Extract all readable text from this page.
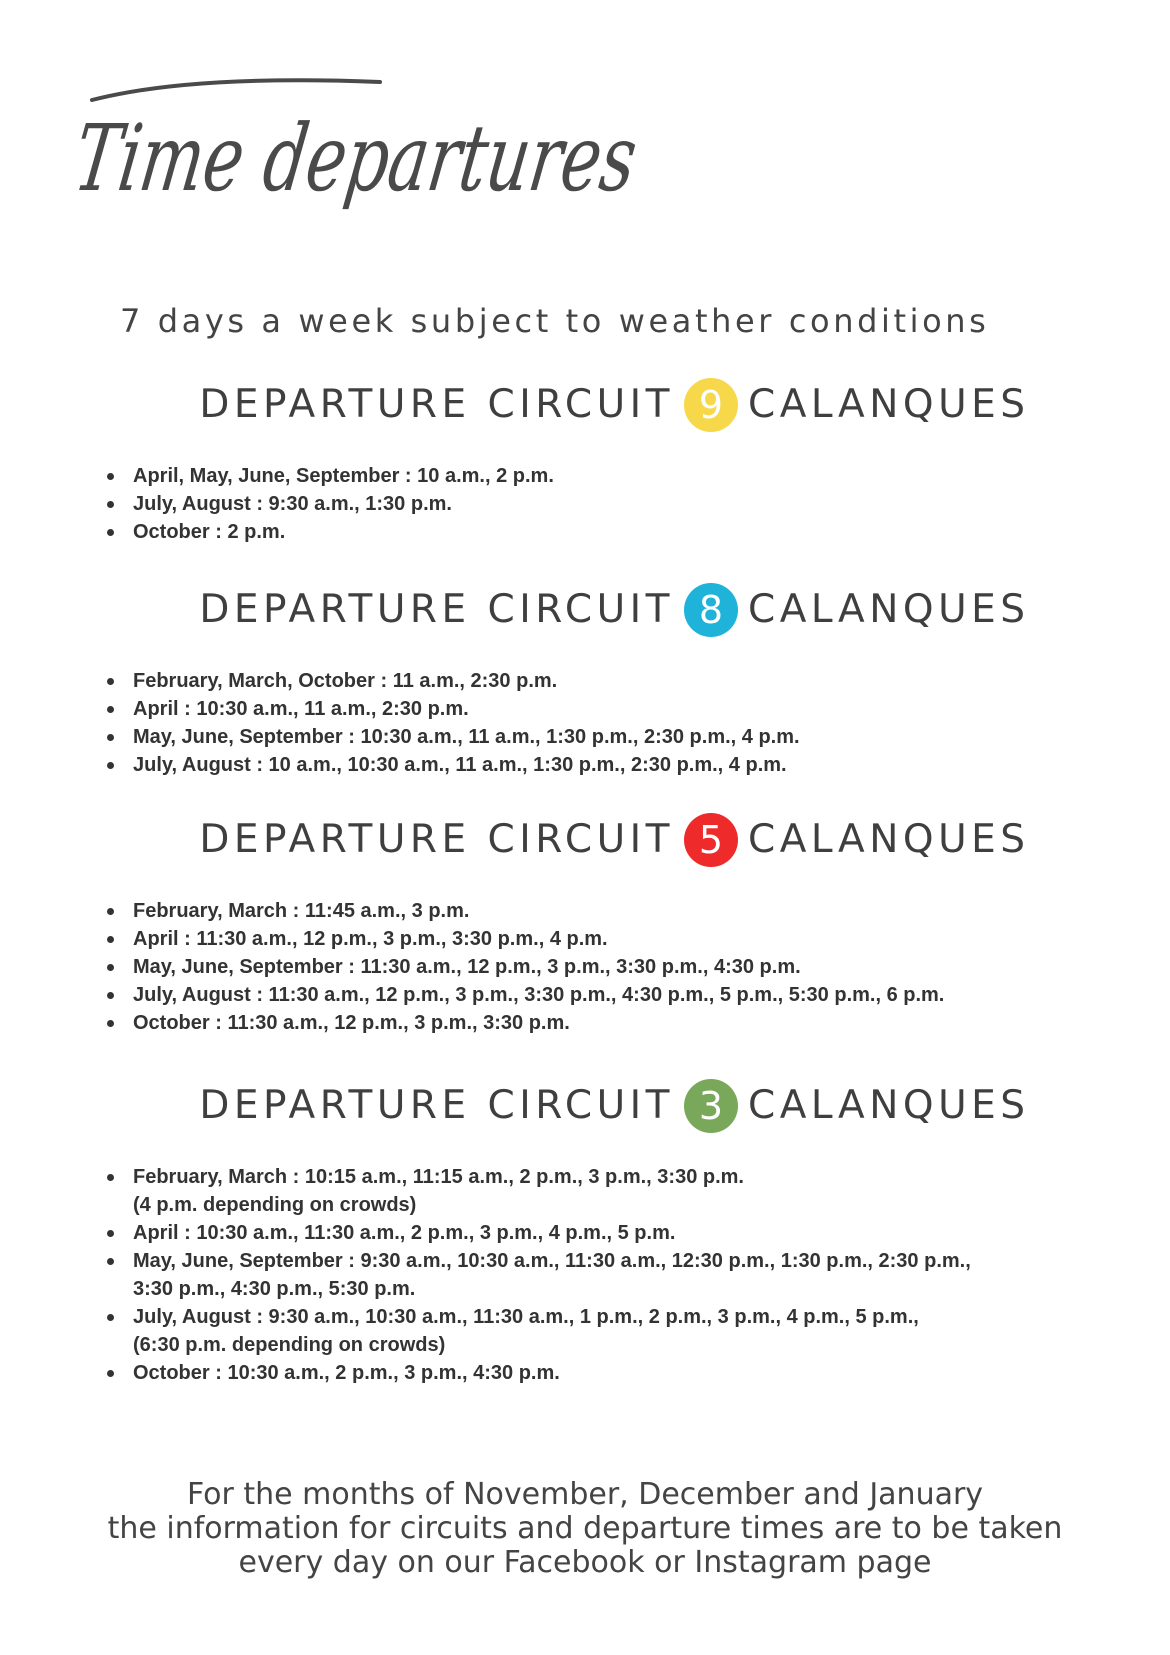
Time departures
7 days a week subject to weather conditions
DEPARTURE CIRCUIT 9 CALANQUES
April, May, June, September : 10 a.m., 2 p.m.
July, August : 9:30 a.m., 1:30 p.m.
October : 2 p.m.
DEPARTURE CIRCUIT 8 CALANQUES
February, March, October : 11 a.m., 2:30 p.m.
April : 10:30 a.m., 11 a.m., 2:30 p.m.
May, June, September : 10:30 a.m., 11 a.m., 1:30 p.m., 2:30 p.m., 4 p.m.
July, August : 10 a.m., 10:30 a.m., 11 a.m., 1:30 p.m., 2:30 p.m., 4 p.m.
DEPARTURE CIRCUIT 5 CALANQUES
February, March : 11:45 a.m., 3 p.m.
April : 11:30 a.m., 12 p.m., 3 p.m., 3:30 p.m., 4 p.m.
May, June, September : 11:30 a.m., 12 p.m., 3 p.m., 3:30 p.m., 4:30 p.m.
July, August : 11:30 a.m., 12 p.m., 3 p.m., 3:30 p.m., 4:30 p.m., 5 p.m., 5:30 p.m., 6 p.m.
October : 11:30 a.m., 12 p.m., 3 p.m., 3:30 p.m.
DEPARTURE CIRCUIT 3 CALANQUES
February, March : 10:15 a.m., 11:15 a.m., 2 p.m., 3 p.m., 3:30 p.m.
(4 p.m. depending on crowds)
April : 10:30 a.m., 11:30 a.m., 2 p.m., 3 p.m., 4 p.m., 5 p.m.
May, June, September : 9:30 a.m., 10:30 a.m., 11:30 a.m., 12:30 p.m., 1:30 p.m., 2:30 p.m.,
3:30 p.m., 4:30 p.m., 5:30 p.m.
July, August : 9:30 a.m., 10:30 a.m., 11:30 a.m., 1 p.m., 2 p.m., 3 p.m., 4 p.m., 5 p.m.,
(6:30 p.m. depending on crowds)
October : 10:30 a.m., 2 p.m., 3 p.m., 4:30 p.m.
For the months of November, December and January
the information for circuits and departure times are to be taken
every day on our Facebook or Instagram page
